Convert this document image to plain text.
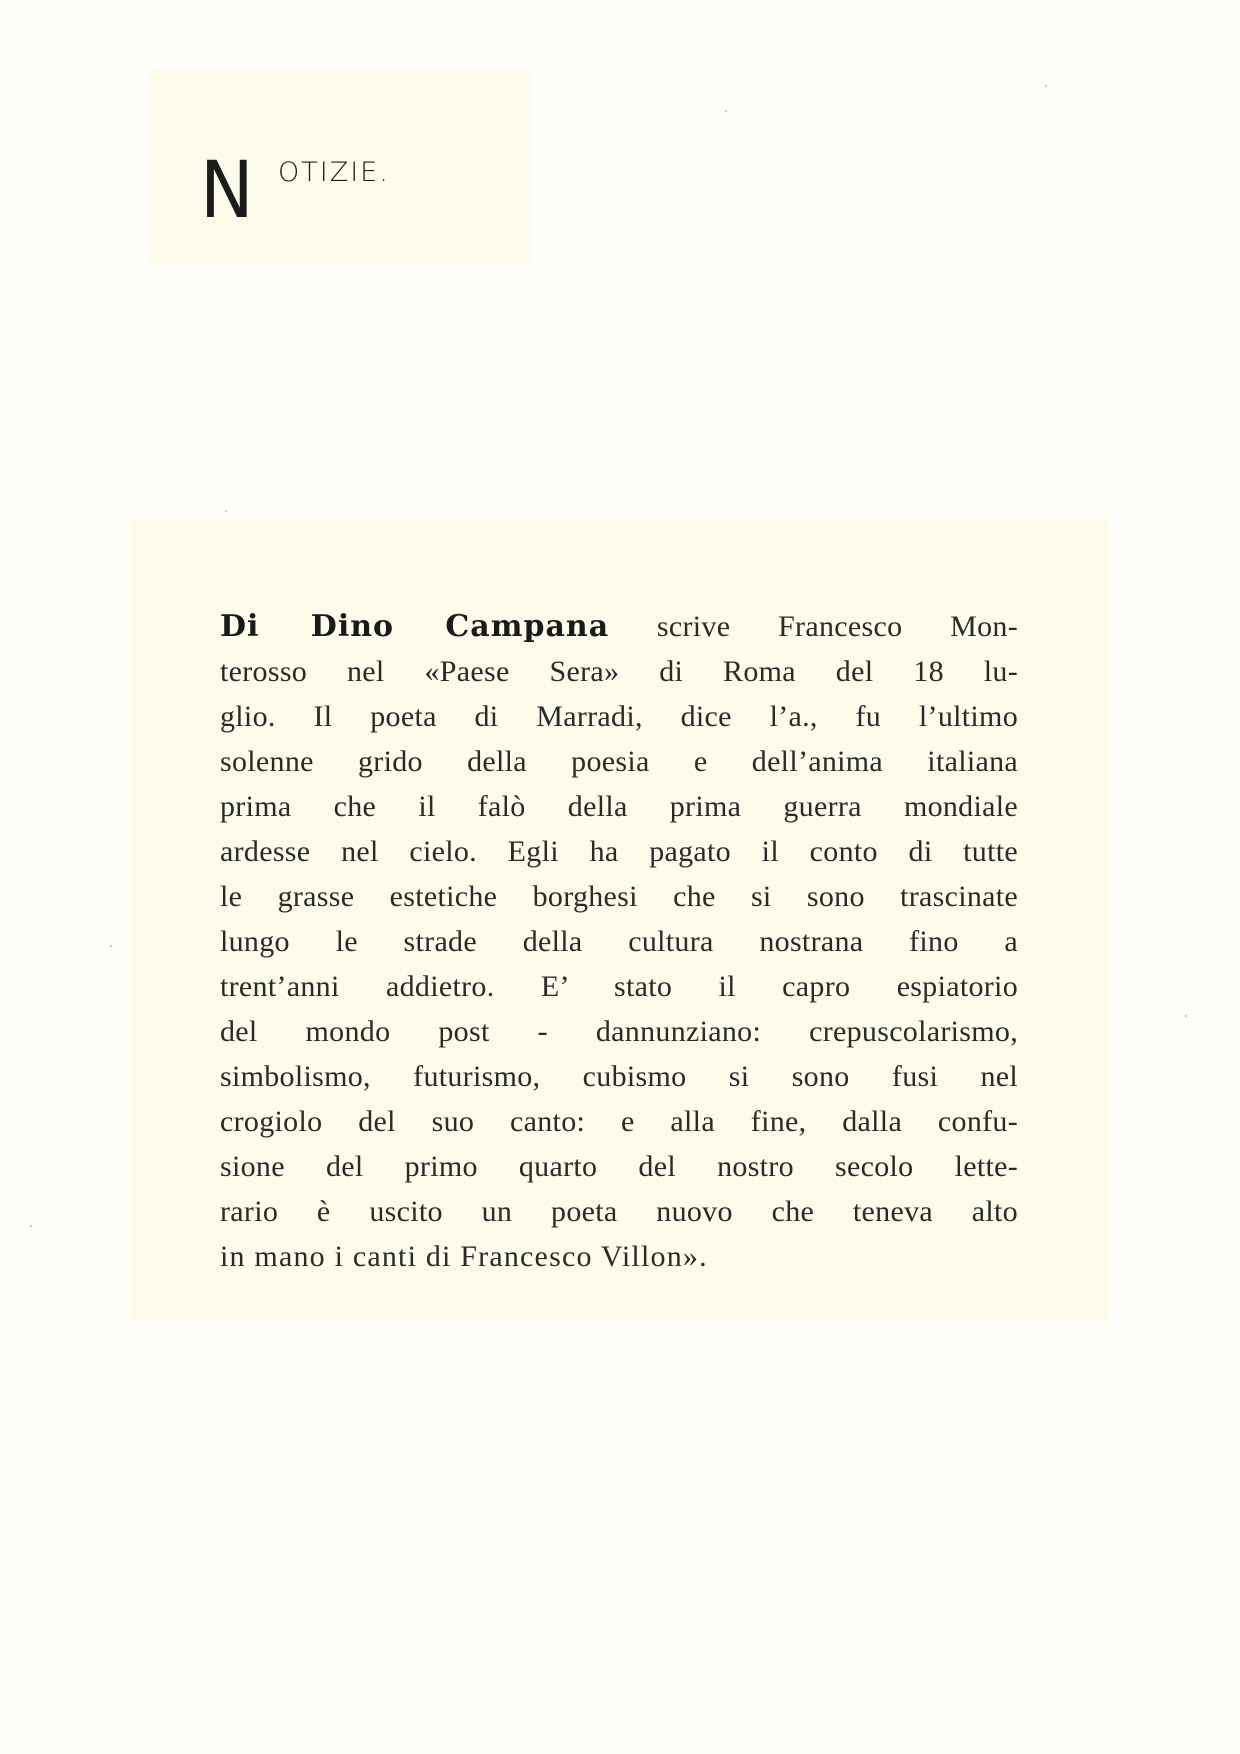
N OTIZIE.
Di Dino Campana scrive Francesco Mon-
terosso nel «Paese Sera» di Roma del 18 lu-
glio. Il poeta di Marradi, dice l’a., fu l’ultimo
solenne grido della poesia e dell’anima italiana
prima che il falò della prima guerra mondiale
ardesse nel cielo. Egli ha pagato il conto di tutte
le grasse estetiche borghesi che si sono trascinate
lungo le strade della cultura nostrana fino a
trent’anni addietro. E’ stato il capro espiatorio
del mondo post - dannunziano: crepuscolarismo,
simbolismo, futurismo, cubismo si sono fusi nel
crogiolo del suo canto: e alla fine, dalla confu-
sione del primo quarto del nostro secolo lette-
rario è uscito un poeta nuovo che teneva alto
in mano i canti di Francesco Villon».
